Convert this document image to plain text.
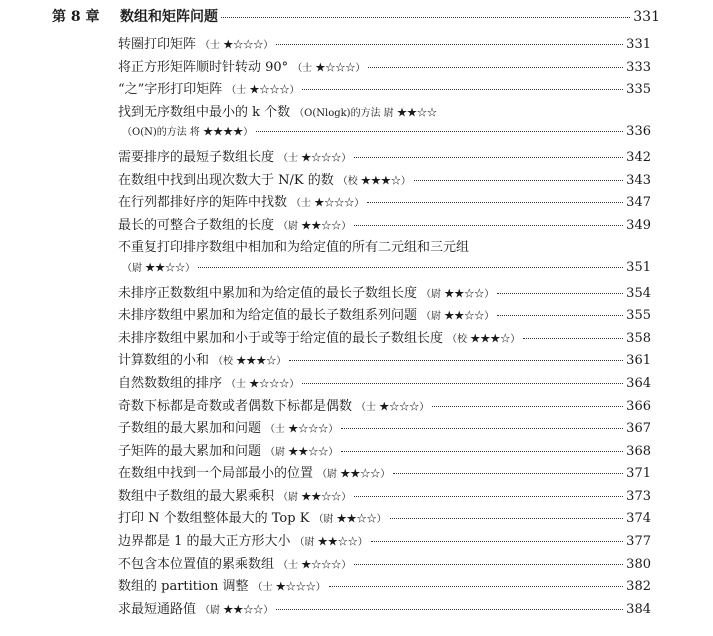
第 8 章	数组和矩阵问题	331
转圈打印矩阵 （士 ★☆☆☆）	331
将正方形矩阵顺时针转动 90° （士 ★☆☆☆）	333
“之”字形打印矩阵 （士 ★☆☆☆）	335
找到无序数组中最小的 k 个数 （O(Nlogk)的方法 尉 ★★☆☆
（O(N)的方法 将 ★★★★）	336
需要排序的最短子数组长度 （士 ★☆☆☆）	342
在数组中找到出现次数大于 N/K 的数 （校 ★★★☆）	343
在行列都排好序的矩阵中找数 （士 ★☆☆☆）	347
最长的可整合子数组的长度 （尉 ★★☆☆）	349
不重复打印排序数组中相加和为给定值的所有二元组和三元组
（尉 ★★☆☆）	351
未排序正数数组中累加和为给定值的最长子数组长度 （尉 ★★☆☆）	354
未排序数组中累加和为给定值的最长子数组系列问题 （尉 ★★☆☆）	355
未排序数组中累加和小于或等于给定值的最长子数组长度 （校 ★★★☆）	358
计算数组的小和 （校 ★★★☆）	361
自然数数组的排序 （士 ★☆☆☆）	364
奇数下标都是奇数或者偶数下标都是偶数 （士 ★☆☆☆）	366
子数组的最大累加和问题 （士 ★☆☆☆）	367
子矩阵的最大累加和问题 （尉 ★★☆☆）	368
在数组中找到一个局部最小的位置 （尉 ★★☆☆）	371
数组中子数组的最大累乘积 （尉 ★★☆☆）	373
打印 N 个数组整体最大的 Top K （尉 ★★☆☆）	374
边界都是 1 的最大正方形大小 （尉 ★★☆☆）	377
不包含本位置值的累乘数组 （士 ★☆☆☆）	380
数组的 partition 调整 （士 ★☆☆☆）	382
求最短通路值 （尉 ★★☆☆）	384
